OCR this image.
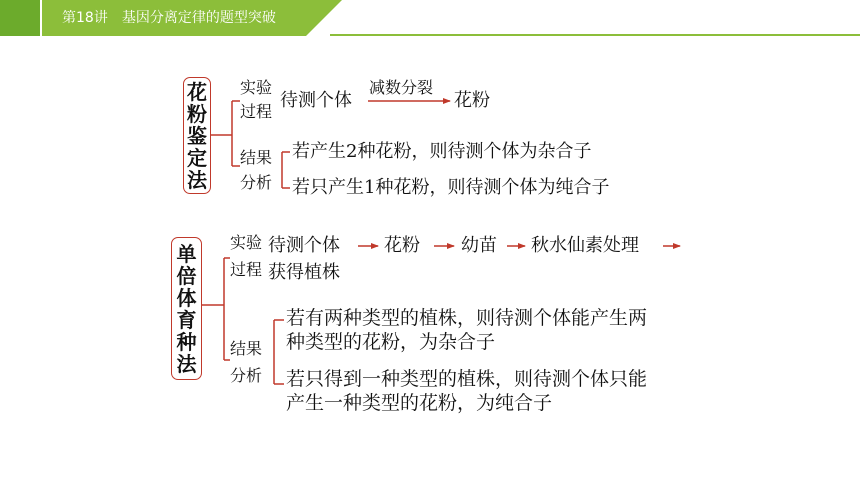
第18讲　基因分离定律的题型突破
花
粉
鉴
定
法
实验
过程
待测个体
减数分裂
花粉
结果
分析
若产生2种花粉，则待测个体为杂合子
若只产生1种花粉，则待测个体为纯合子
单
倍
体
育
种
法
实验
过程
待测个体 花粉 幼苗 秋水仙素处理
获得植株
结果
分析
若有两种类型的植株，则待测个体能产生两
种类型的花粉，为杂合子
若只得到一种类型的植株，则待测个体只能
产生一种类型的花粉，为纯合子
